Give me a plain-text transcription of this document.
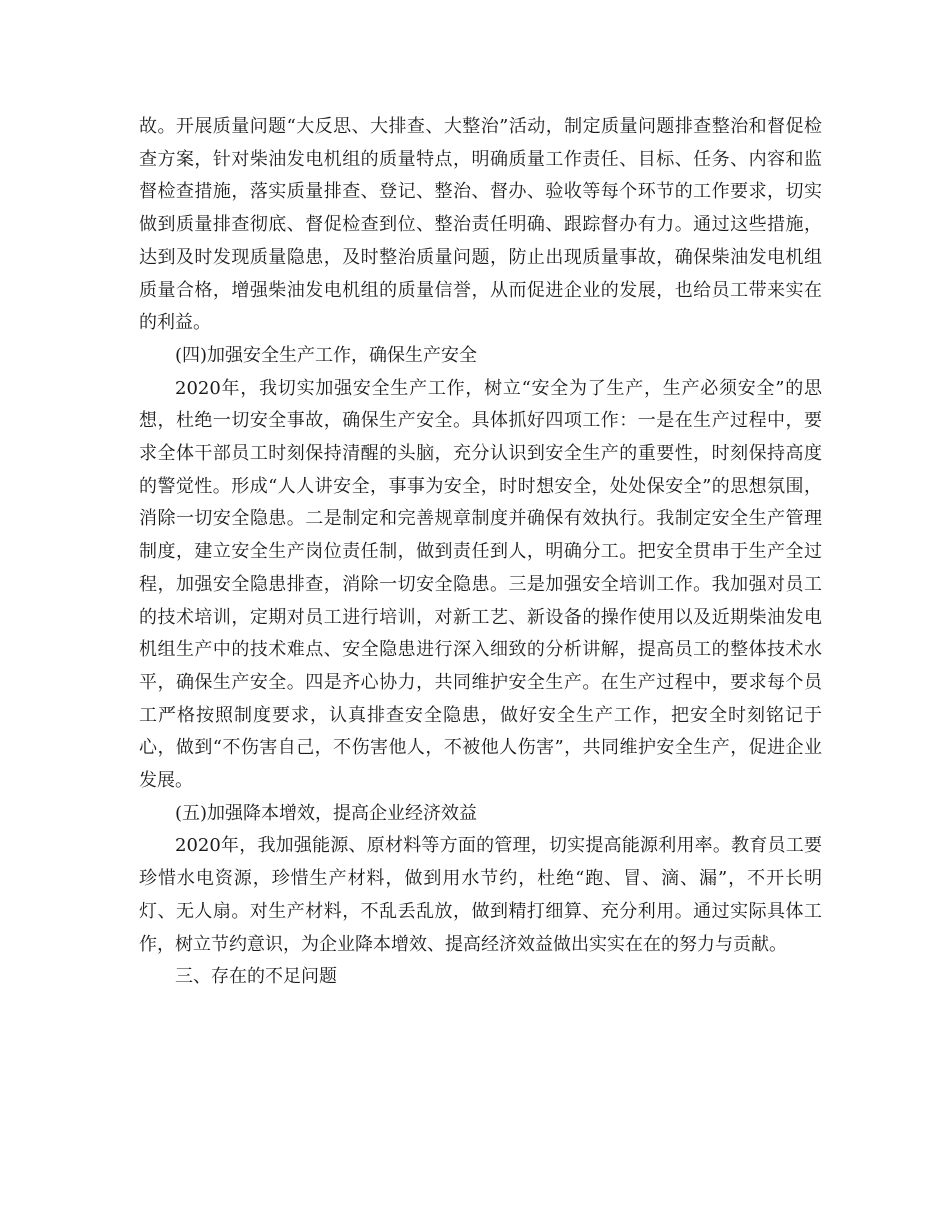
故。开展质量问题“大反思、大排查、大整治”活动，制定质量问题排查整治和督促检查方案，针对柴油发电机组的质量特点，明确质量工作责任、目标、任务、内容和监督检查措施，落实质量排查、登记、整治、督办、验收等每个环节的工作要求，切实做到质量排查彻底、督促检查到位、整治责任明确、跟踪督办有力。通过这些措施，达到及时发现质量隐患，及时整治质量问题，防止出现质量事故，确保柴油发电机组质量合格，增强柴油发电机组的质量信誉，从而促进企业的发展，也给员工带来实在的利益。

(四)加强安全生产工作，确保生产安全

2020年，我切实加强安全生产工作，树立“安全为了生产，生产必须安全”的思想，杜绝一切安全事故，确保生产安全。具体抓好四项工作：一是在生产过程中，要求全体干部员工时刻保持清醒的头脑，充分认识到安全生产的重要性，时刻保持高度的警觉性。形成“人人讲安全，事事为安全，时时想安全，处处保安全”的思想氛围，消除一切安全隐患。二是制定和完善规章制度并确保有效执行。我制定安全生产管理制度，建立安全生产岗位责任制，做到责任到人，明确分工。把安全贯串于生产全过程，加强安全隐患排查，消除一切安全隐患。三是加强安全培训工作。我加强对员工的技术培训，定期对员工进行培训，对新工艺、新设备的操作使用以及近期柴油发电机组生产中的技术难点、安全隐患进行深入细致的分析讲解，提高员工的整体技术水平，确保生产安全。四是齐心协力，共同维护安全生产。在生产过程中，要求每个员工严格按照制度要求，认真排查安全隐患，做好安全生产工作，把安全时刻铭记于心，做到“不伤害自己，不伤害他人，不被他人伤害”，共同维护安全生产，促进企业发展。

(五)加强降本增效，提高企业经济效益

2020年，我加强能源、原材料等方面的管理，切实提高能源利用率。教育员工要珍惜水电资源，珍惜生产材料，做到用水节约，杜绝“跑、冒、滴、漏”，不开长明灯、无人扇。对生产材料，不乱丢乱放，做到精打细算、充分利用。通过实际具体工作，树立节约意识，为企业降本增效、提高经济效益做出实实在在的努力与贡献。

三、存在的不足问题
